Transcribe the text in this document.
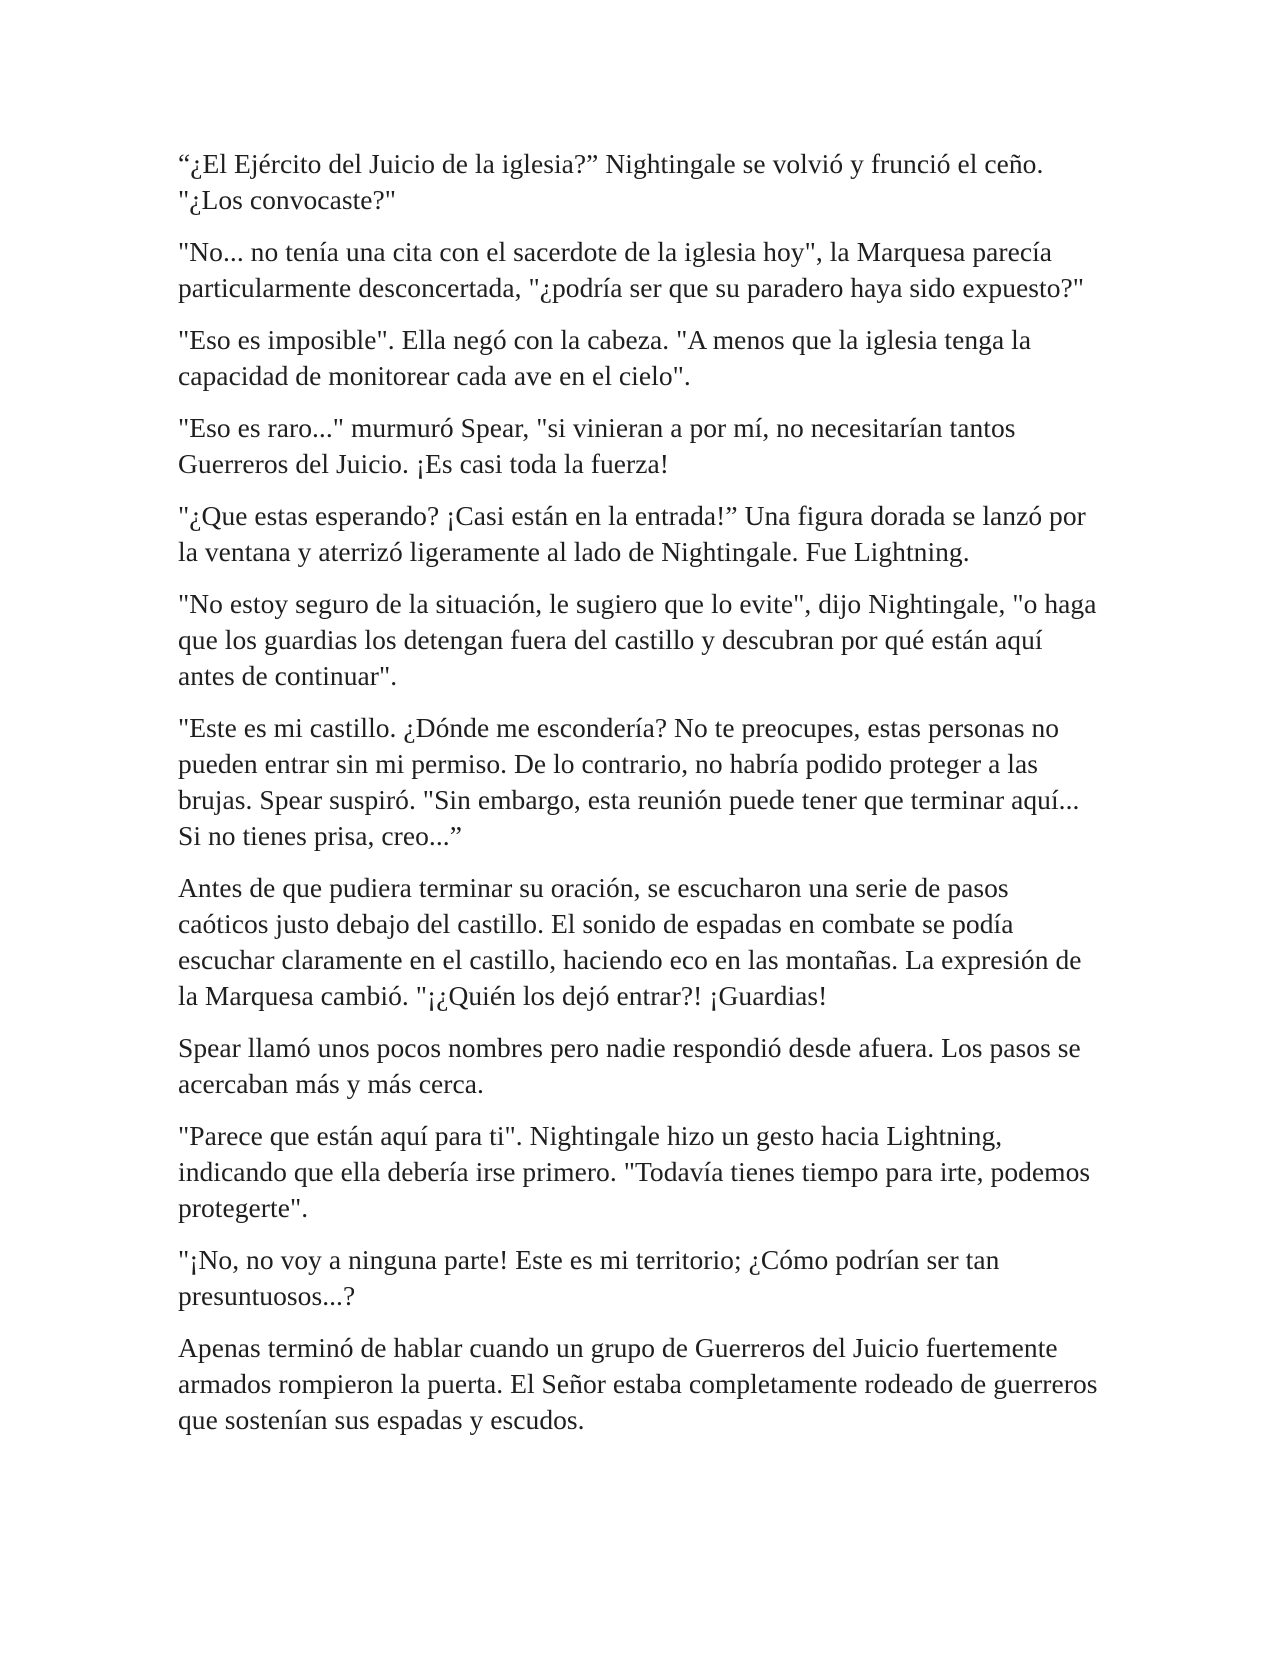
“¿El Ejército del Juicio de la iglesia?” Nightingale se volvió y frunció el ceño. "¿Los convocaste?"

"No... no tenía una cita con el sacerdote de la iglesia hoy", la Marquesa parecía particularmente desconcertada, "¿podría ser que su paradero haya sido expuesto?"

"Eso es imposible". Ella negó con la cabeza. "A menos que la iglesia tenga la capacidad de monitorear cada ave en el cielo".

"Eso es raro..." murmuró Spear, "si vinieran a por mí, no necesitarían tantos Guerreros del Juicio. ¡Es casi toda la fuerza!

"¿Que estas esperando? ¡Casi están en la entrada!” Una figura dorada se lanzó por la ventana y aterrizó ligeramente al lado de Nightingale. Fue Lightning.

"No estoy seguro de la situación, le sugiero que lo evite", dijo Nightingale, "o haga que los guardias los detengan fuera del castillo y descubran por qué están aquí antes de continuar".

"Este es mi castillo. ¿Dónde me escondería? No te preocupes, estas personas no pueden entrar sin mi permiso. De lo contrario, no habría podido proteger a las brujas. Spear suspiró. "Sin embargo, esta reunión puede tener que terminar aquí... Si no tienes prisa, creo...”

Antes de que pudiera terminar su oración, se escucharon una serie de pasos caóticos justo debajo del castillo. El sonido de espadas en combate se podía escuchar claramente en el castillo, haciendo eco en las montañas. La expresión de la Marquesa cambió. "¡¿Quién los dejó entrar?! ¡Guardias!

Spear llamó unos pocos nombres pero nadie respondió desde afuera. Los pasos se acercaban más y más cerca.

"Parece que están aquí para ti". Nightingale hizo un gesto hacia Lightning, indicando que ella debería irse primero. "Todavía tienes tiempo para irte, podemos protegerte".

"¡No, no voy a ninguna parte! Este es mi territorio; ¿Cómo podrían ser tan presuntuosos...?

Apenas terminó de hablar cuando un grupo de Guerreros del Juicio fuertemente armados rompieron la puerta. El Señor estaba completamente rodeado de guerreros que sostenían sus espadas y escudos.
